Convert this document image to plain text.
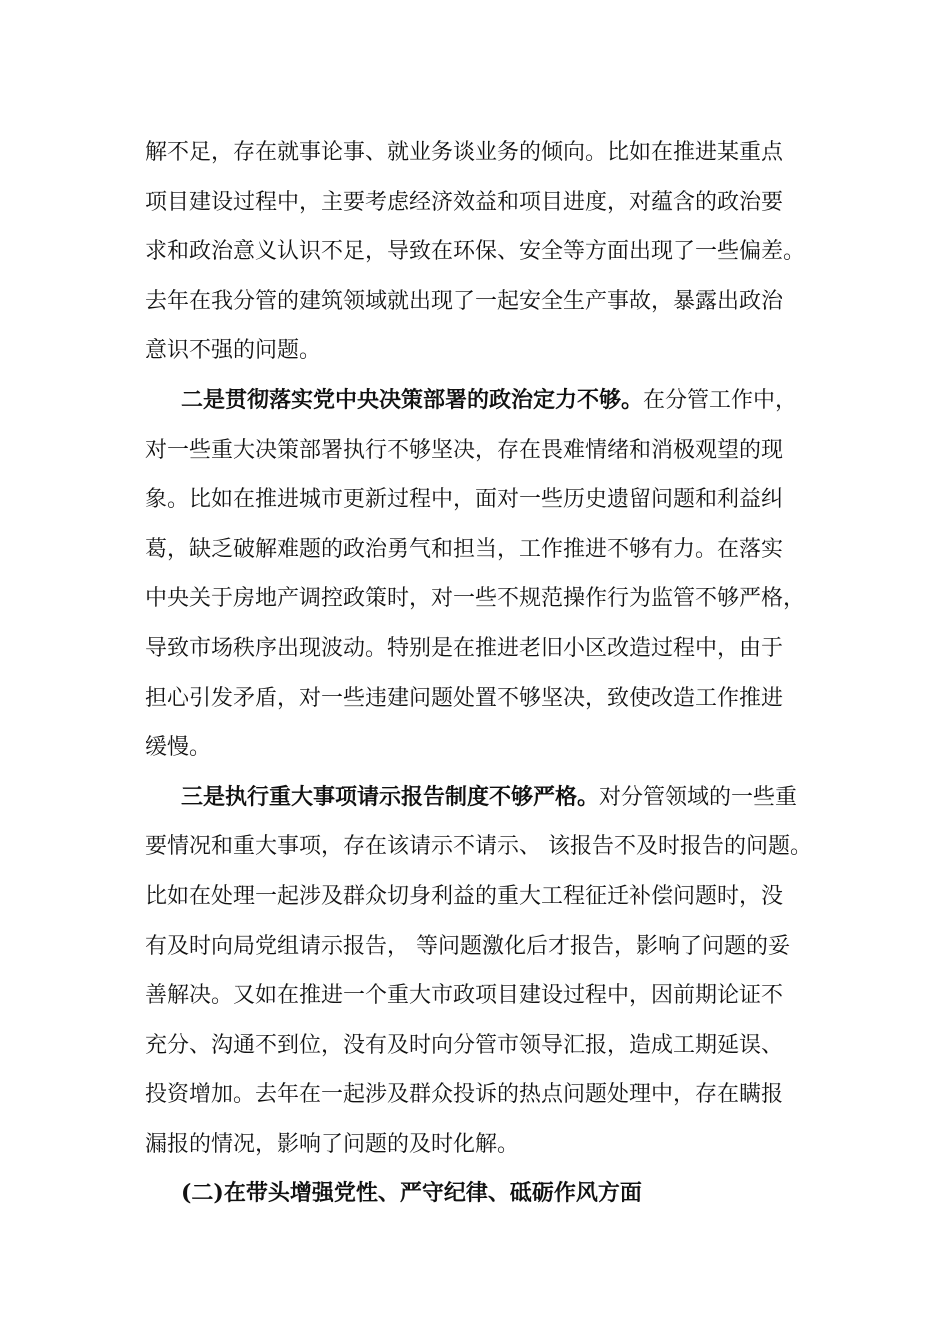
解不足，存在就事论事、就业务谈业务的倾向。比如在推进某重点
项目建设过程中，主要考虑经济效益和项目进度，对蕴含的政治要
求和政治意义认识不足，导致在环保、安全等方面出现了一些偏差。
去年在我分管的建筑领域就出现了一起安全生产事故，暴露出政治
意识不强的问题。
二是贯彻落实党中央决策部署的政治定力不够。在分管工作中，
对一些重大决策部署执行不够坚决，存在畏难情绪和消极观望的现
象。比如在推进城市更新过程中，面对一些历史遗留问题和利益纠
葛，缺乏破解难题的政治勇气和担当，工作推进不够有力。在落实
中央关于房地产调控政策时，对一些不规范操作行为监管不够严格，
导致市场秩序出现波动。特别是在推进老旧小区改造过程中，由于
担心引发矛盾，对一些违建问题处置不够坚决，致使改造工作推进
缓慢。
三是执行重大事项请示报告制度不够严格。对分管领域的一些重
要情况和重大事项，存在该请示不请示、 该报告不及时报告的问题。
比如在处理一起涉及群众切身利益的重大工程征迁补偿问题时，没
有及时向局党组请示报告， 等问题激化后才报告，影响了问题的妥
善解决。又如在推进一个重大市政项目建设过程中，因前期论证不
充分、沟通不到位，没有及时向分管市领导汇报，造成工期延误、
投资增加。去年在一起涉及群众投诉的热点问题处理中，存在瞒报
漏报的情况，影响了问题的及时化解。
(二)在带头增强党性、严守纪律、砥砺作风方面
